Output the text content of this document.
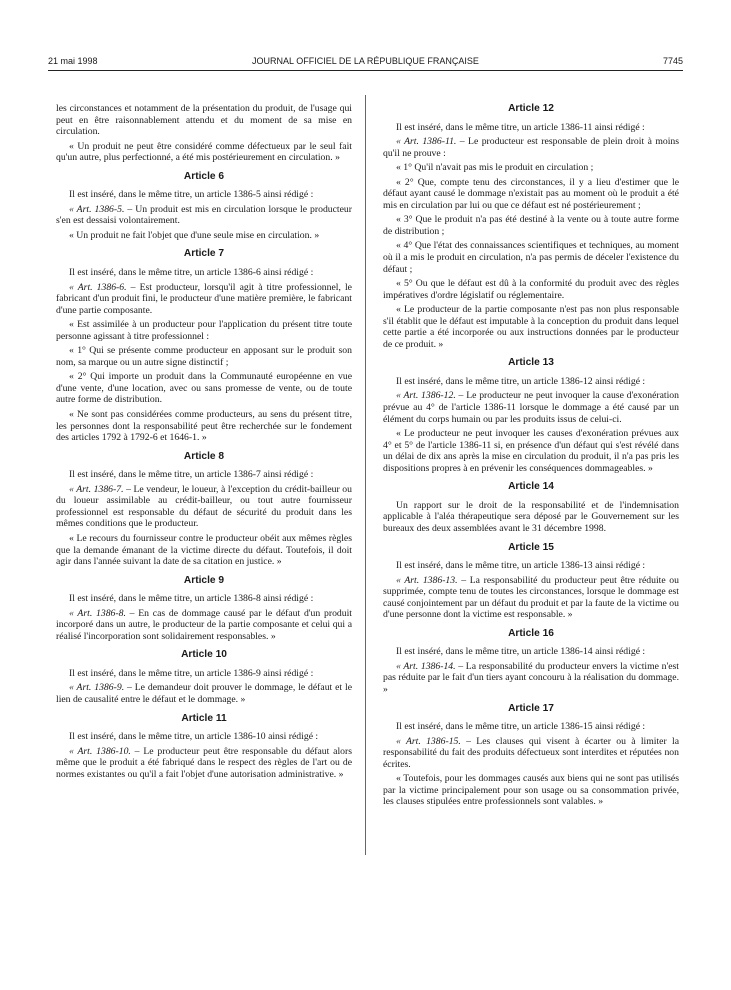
21 mai 1998	JOURNAL OFFICIEL DE LA RÉPUBLIQUE FRANÇAISE	7745

les circonstances et notamment de la présentation du produit, de l'usage qui peut en être raisonnablement attendu et du moment de sa mise en circulation.

« Un produit ne peut être considéré comme défectueux par le seul fait qu'un autre, plus perfectionné, a été mis postérieurement en circulation. »

Article 6

Il est inséré, dans le même titre, un article 1386-5 ainsi rédigé :

« Art. 1386-5. – Un produit est mis en circulation lorsque le producteur s'en est dessaisi volontairement.

« Un produit ne fait l'objet que d'une seule mise en circulation. »

Article 7

Il est inséré, dans le même titre, un article 1386-6 ainsi rédigé :

« Art. 1386-6. – Est producteur, lorsqu'il agit à titre professionnel, le fabricant d'un produit fini, le producteur d'une matière première, le fabricant d'une partie composante.

« Est assimilée à un producteur pour l'application du présent titre toute personne agissant à titre professionnel :

« 1° Qui se présente comme producteur en apposant sur le produit son nom, sa marque ou un autre signe distinctif ;

« 2° Qui importe un produit dans la Communauté européenne en vue d'une vente, d'une location, avec ou sans promesse de vente, ou de toute autre forme de distribution.

« Ne sont pas considérées comme producteurs, au sens du présent titre, les personnes dont la responsabilité peut être recherchée sur le fondement des articles 1792 à 1792-6 et 1646-1. »

Article 8

Il est inséré, dans le même titre, un article 1386-7 ainsi rédigé :

« Art. 1386-7. – Le vendeur, le loueur, à l'exception du crédit-bailleur ou du loueur assimilable au crédit-bailleur, ou tout autre fournisseur professionnel est responsable du défaut de sécurité du produit dans les mêmes conditions que le producteur.

« Le recours du fournisseur contre le producteur obéit aux mêmes règles que la demande émanant de la victime directe du défaut. Toutefois, il doit agir dans l'année suivant la date de sa citation en justice. »

Article 9

Il est inséré, dans le même titre, un article 1386-8 ainsi rédigé :

« Art. 1386-8. – En cas de dommage causé par le défaut d'un produit incorporé dans un autre, le producteur de la partie composante et celui qui a réalisé l'incorporation sont solidairement responsables. »

Article 10

Il est inséré, dans le même titre, un article 1386-9 ainsi rédigé :

« Art. 1386-9. – Le demandeur doit prouver le dommage, le défaut et le lien de causalité entre le défaut et le dommage. »

Article 11

Il est inséré, dans le même titre, un article 1386-10 ainsi rédigé :

« Art. 1386-10. – Le producteur peut être responsable du défaut alors même que le produit a été fabriqué dans le respect des règles de l'art ou de normes existantes ou qu'il a fait l'objet d'une autorisation administrative. »

Article 12

Il est inséré, dans le même titre, un article 1386-11 ainsi rédigé :

« Art. 1386-11. – Le producteur est responsable de plein droit à moins qu'il ne prouve :

« 1° Qu'il n'avait pas mis le produit en circulation ;

« 2° Que, compte tenu des circonstances, il y a lieu d'estimer que le défaut ayant causé le dommage n'existait pas au moment où le produit a été mis en circulation par lui ou que ce défaut est né postérieurement ;

« 3° Que le produit n'a pas été destiné à la vente ou à toute autre forme de distribution ;

« 4° Que l'état des connaissances scientifiques et techniques, au moment où il a mis le produit en circulation, n'a pas permis de déceler l'existence du défaut ;

« 5° Ou que le défaut est dû à la conformité du produit avec des règles impératives d'ordre législatif ou réglementaire.

« Le producteur de la partie composante n'est pas non plus responsable s'il établit que le défaut est imputable à la conception du produit dans lequel cette partie a été incorporée ou aux instructions données par le producteur de ce produit. »

Article 13

Il est inséré, dans le même titre, un article 1386-12 ainsi rédigé :

« Art. 1386-12. – Le producteur ne peut invoquer la cause d'exonération prévue au 4° de l'article 1386-11 lorsque le dommage a été causé par un élément du corps humain ou par les produits issus de celui-ci.

« Le producteur ne peut invoquer les causes d'exonération prévues aux 4° et 5° de l'article 1386-11 si, en présence d'un défaut qui s'est révélé dans un délai de dix ans après la mise en circulation du produit, il n'a pas pris les dispositions propres à en prévenir les conséquences dommageables. »

Article 14

Un rapport sur le droit de la responsabilité et de l'indemnisation applicable à l'aléa thérapeutique sera déposé par le Gouvernement sur les bureaux des deux assemblées avant le 31 décembre 1998.

Article 15

Il est inséré, dans le même titre, un article 1386-13 ainsi rédigé :

« Art. 1386-13. – La responsabilité du producteur peut être réduite ou supprimée, compte tenu de toutes les circonstances, lorsque le dommage est causé conjointement par un défaut du produit et par la faute de la victime ou d'une personne dont la victime est responsable. »

Article 16

Il est inséré, dans le même titre, un article 1386-14 ainsi rédigé :

« Art. 1386-14. – La responsabilité du producteur envers la victime n'est pas réduite par le fait d'un tiers ayant concouru à la réalisation du dommage. »

Article 17

Il est inséré, dans le même titre, un article 1386-15 ainsi rédigé :

« Art. 1386-15. – Les clauses qui visent à écarter ou à limiter la responsabilité du fait des produits défectueux sont interdites et réputées non écrites.

« Toutefois, pour les dommages causés aux biens qui ne sont pas utilisés par la victime principalement pour son usage ou sa consommation privée, les clauses stipulées entre professionnels sont valables. »
